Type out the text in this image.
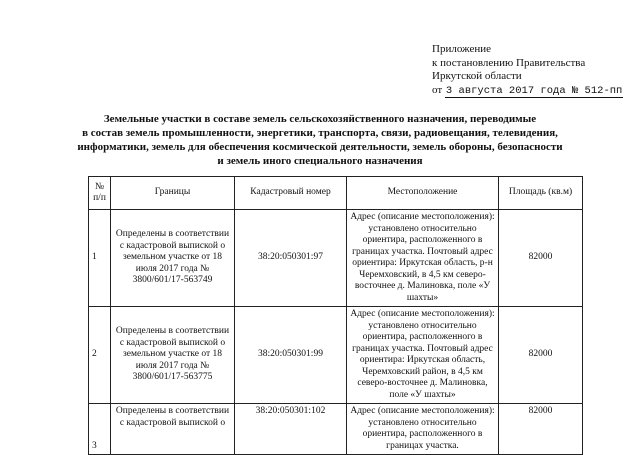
Приложение
к постановлению Правительства
Иркутской области
от 3 августа 2017 года № 512-пп
Земельные участки в составе земель сельскохозяйственного назначения, переводимые
в состав земель промышленности, энергетики, транспорта, связи, радиовещания, телевидения,
информатики, земель для обеспечения космической деятельности, земель обороны, безопасности
и земель иного специального назначения
№ п/п	Границы	Кадастровый номер	Местоположение	Площадь (кв.м)
1	Определены в соответствии с кадастровой выпиской о земельном участке от 18 июля 2017 года № 3800/601/17-563749	38:20:050301:97	Адрес (описание местоположения): установлено относительно ориентира, расположенного в границах участка. Почтовый адрес ориентира: Иркутская область, р-н Черемховский, в 4,5 км северо-восточнее д. Малиновка, поле «У шахты»	82000
2	Определены в соответствии с кадастровой выпиской о земельном участке от 18 июля 2017 года № 3800/601/17-563775	38:20:050301:99	Адрес (описание местоположения): установлено относительно ориентира, расположенного в границах участка. Почтовый адрес ориентира: Иркутская область, Черемховский район, в 4,5 км северо-восточнее д. Малиновка, поле «У шахты»	82000
3	Определены в соответствии с кадастровой выпиской о	38:20:050301:102	Адрес (описание местоположения): установлено относительно ориентира, расположенного в границах участка.	82000
